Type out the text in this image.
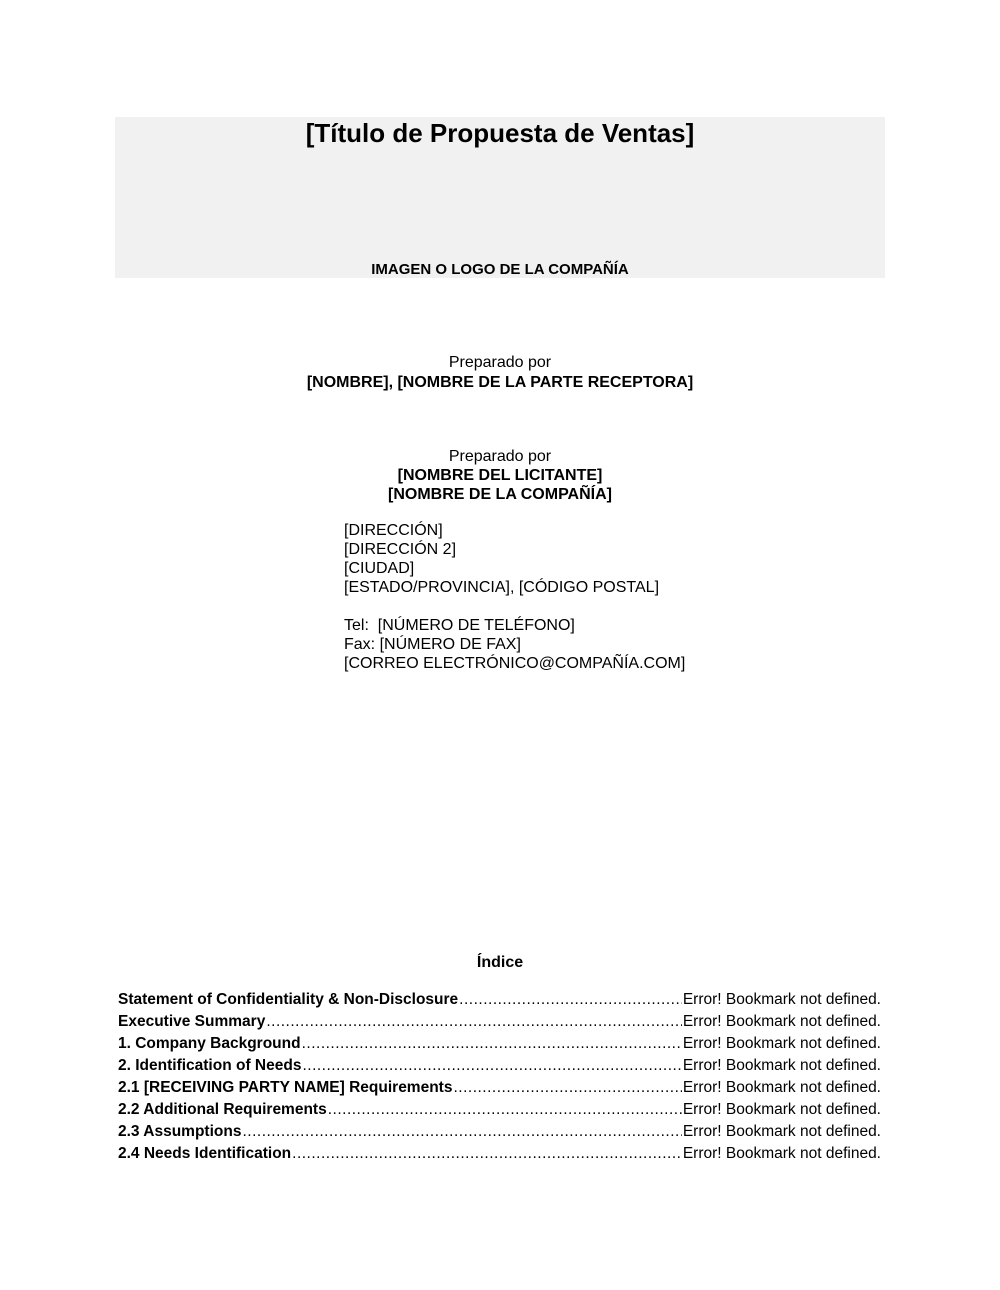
[Título de Propuesta de Ventas]
IMAGEN O LOGO DE LA COMPAÑÍA
Preparado por
[NOMBRE], [NOMBRE DE LA PARTE RECEPTORA]
Preparado por
[NOMBRE DEL LICITANTE]
[NOMBRE DE LA COMPAÑÍA]
[DIRECCIÓN]
[DIRECCIÓN 2]
[CIUDAD]
[ESTADO/PROVINCIA], [CÓDIGO POSTAL]
Tel:  [NÚMERO DE TELÉFONO]
Fax: [NÚMERO DE FAX]
[CORREO ELECTRÓNICO@COMPAÑÍA.COM]
Índice
Statement of Confidentiality & Non-Disclosure .....	Error! Bookmark not defined.
Executive Summary .....	Error! Bookmark not defined.
1. Company Background .....	Error! Bookmark not defined.
2. Identification of Needs .....	Error! Bookmark not defined.
2.1 [RECEIVING PARTY NAME] Requirements .....	Error! Bookmark not defined.
2.2 Additional Requirements .....	Error! Bookmark not defined.
2.3 Assumptions .....	Error! Bookmark not defined.
2.4 Needs Identification .....	Error! Bookmark not defined.
